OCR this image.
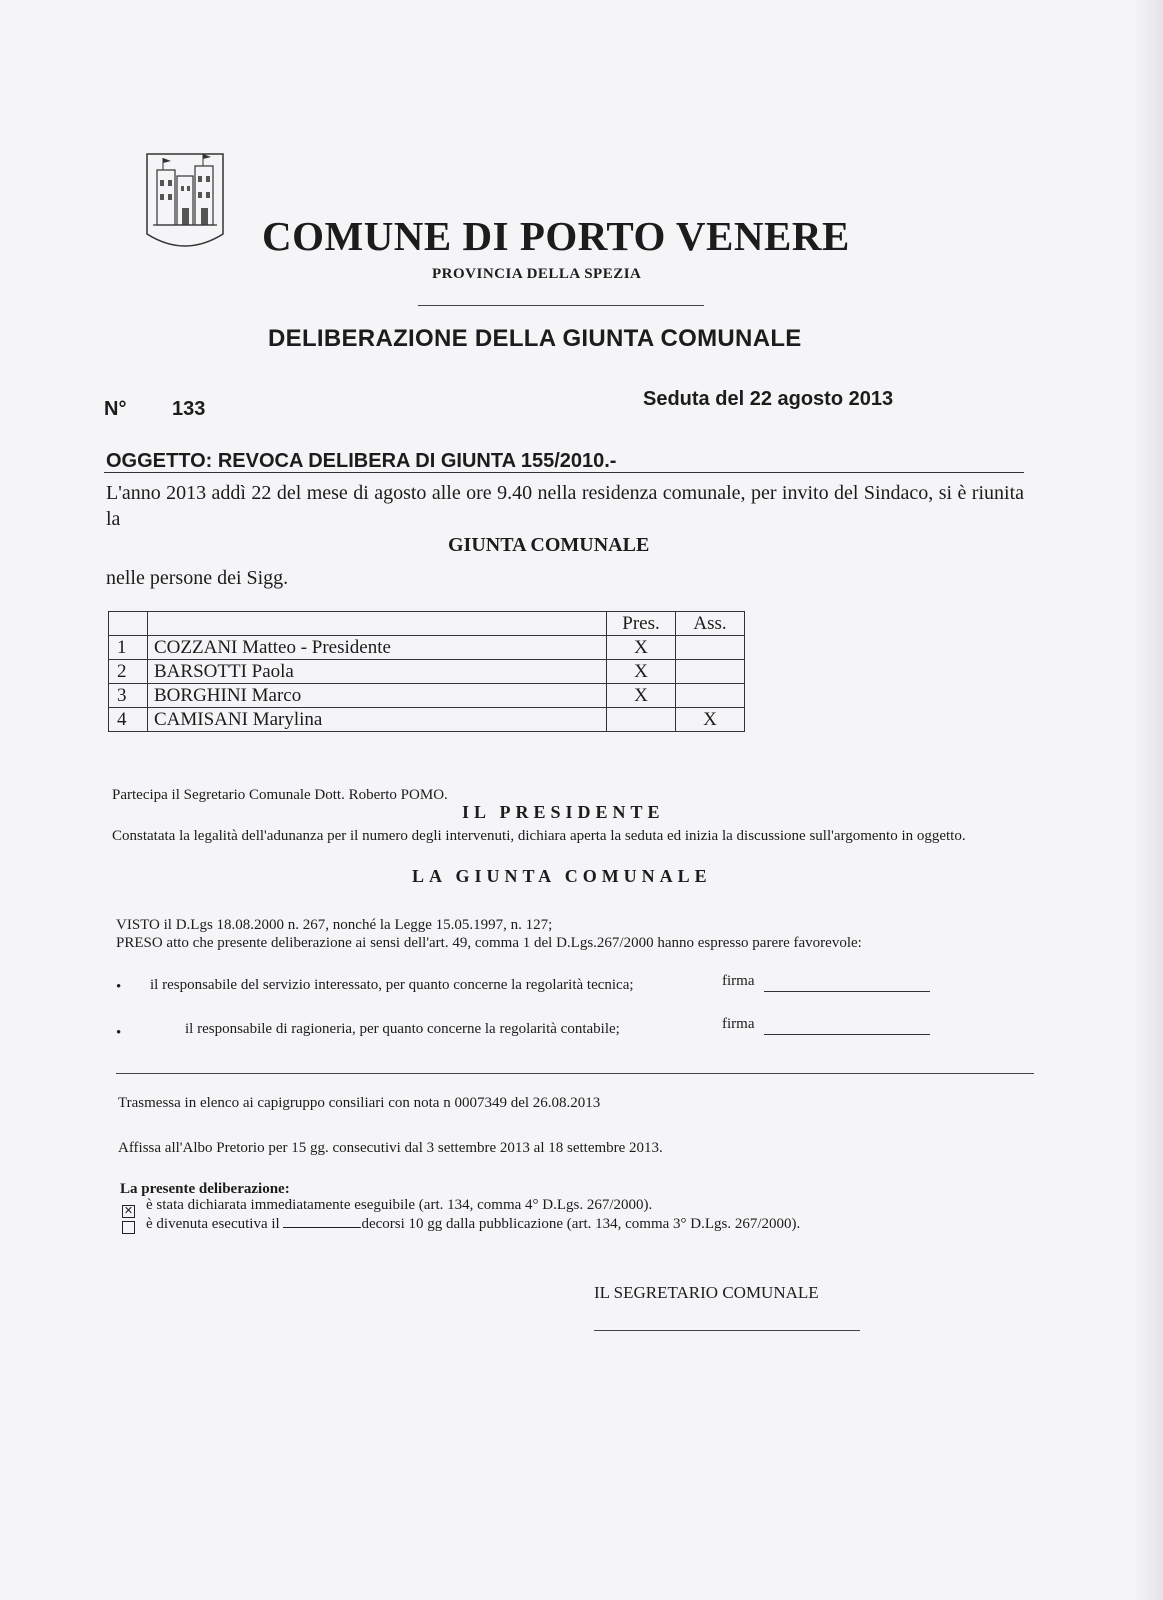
COMUNE DI PORTO VENERE
PROVINCIA DELLA SPEZIA
DELIBERAZIONE DELLA GIUNTA COMUNALE
N° 133	Seduta del 22 agosto 2013
OGGETTO: REVOCA DELIBERA DI GIUNTA 155/2010.-
L'anno 2013 addì 22 del mese di agosto alle ore 9.40 nella residenza comunale, per invito del Sindaco, si è riunita la
GIUNTA COMUNALE
nelle persone dei Sigg.
		Pres.	Ass.
1	COZZANI Matteo - Presidente	X	
2	BARSOTTI Paola	X	
3	BORGHINI Marco	X	
4	CAMISANI Marylina		X
Partecipa il Segretario Comunale Dott. Roberto POMO.
IL PRESIDENTE
Constatata la legalità dell'adunanza per il numero degli intervenuti, dichiara aperta la seduta ed inizia la discussione sull'argomento in oggetto.
LA GIUNTA COMUNALE
VISTO il D.Lgs 18.08.2000 n. 267, nonché la Legge 15.05.1997, n. 127;
PRESO atto che presente deliberazione ai sensi dell'art. 49, comma 1 del D.Lgs.267/2000 hanno espresso parere favorevole:
• il responsabile del servizio interessato, per quanto concerne la regolarità tecnica;	firma
•	il responsabile di ragioneria, per quanto concerne la regolarità contabile;	firma
Trasmessa in elenco ai capigruppo consiliari con nota n 0007349 del 26.08.2013
Affissa all'Albo Pretorio per 15 gg. consecutivi dal 3 settembre 2013 al 18 settembre 2013.
La presente deliberazione:
✕ è stata dichiarata immediatamente eseguibile (art. 134, comma 4° D.Lgs. 267/2000).
è divenuta esecutiva il	decorsi 10 gg dalla pubblicazione (art. 134, comma 3° D.Lgs. 267/2000).
IL SEGRETARIO COMUNALE
